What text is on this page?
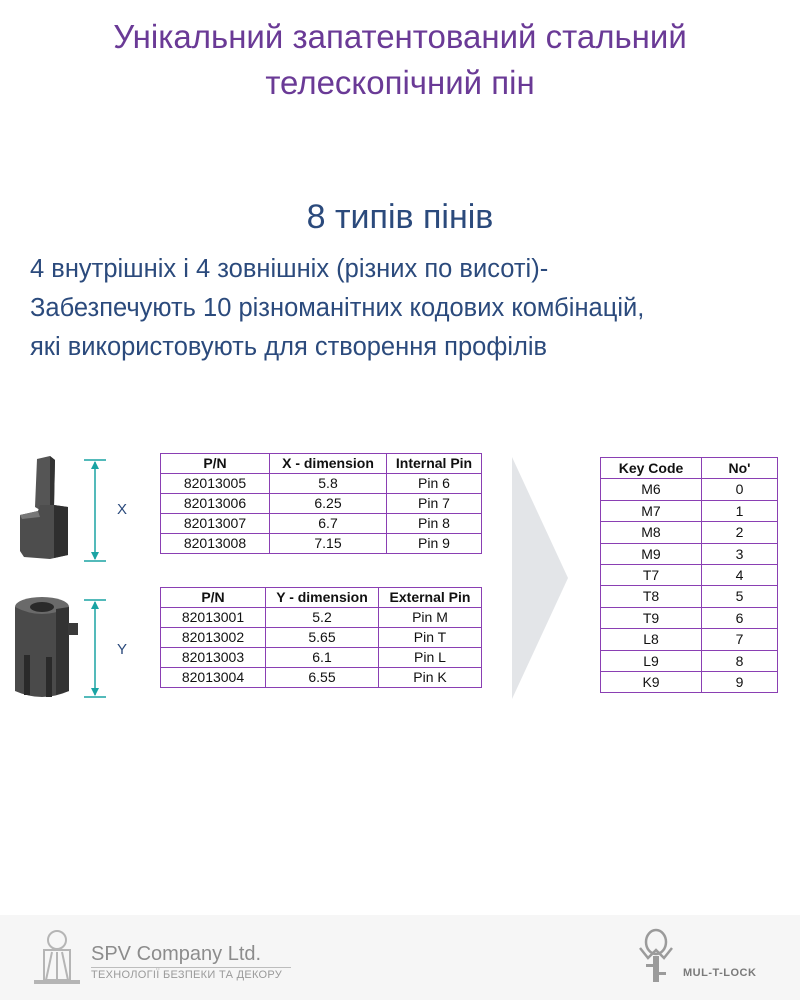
Унікальний запатентований стальний
телескопічний пін
8 типів пінів
4 внутрішніх і 4 зовнішніх (різних по висоті)-
Забезпечують 10 різноманітних кодових комбінацій,
які використовують для створення профілів
X
Y
P/N	X - dimension	Internal Pin
82013005	5.8	Pin 6
82013006	6.25	Pin 7
82013007	6.7	Pin 8
82013008	7.15	Pin 9
P/N	Y - dimension	External Pin
82013001	5.2	Pin M
82013002	5.65	Pin T
82013003	6.1	Pin L
82013004	6.55	Pin K
Key Code	No'
M6	0
M7	1
M8	2
M9	3
T7	4
T8	5
T9	6
L8	7
L9	8
K9	9
SPV Company Ltd.
ТЕХНОЛОГІЇ БЕЗПЕКИ ТА ДЕКОРУ	MUL-T-LOCK
